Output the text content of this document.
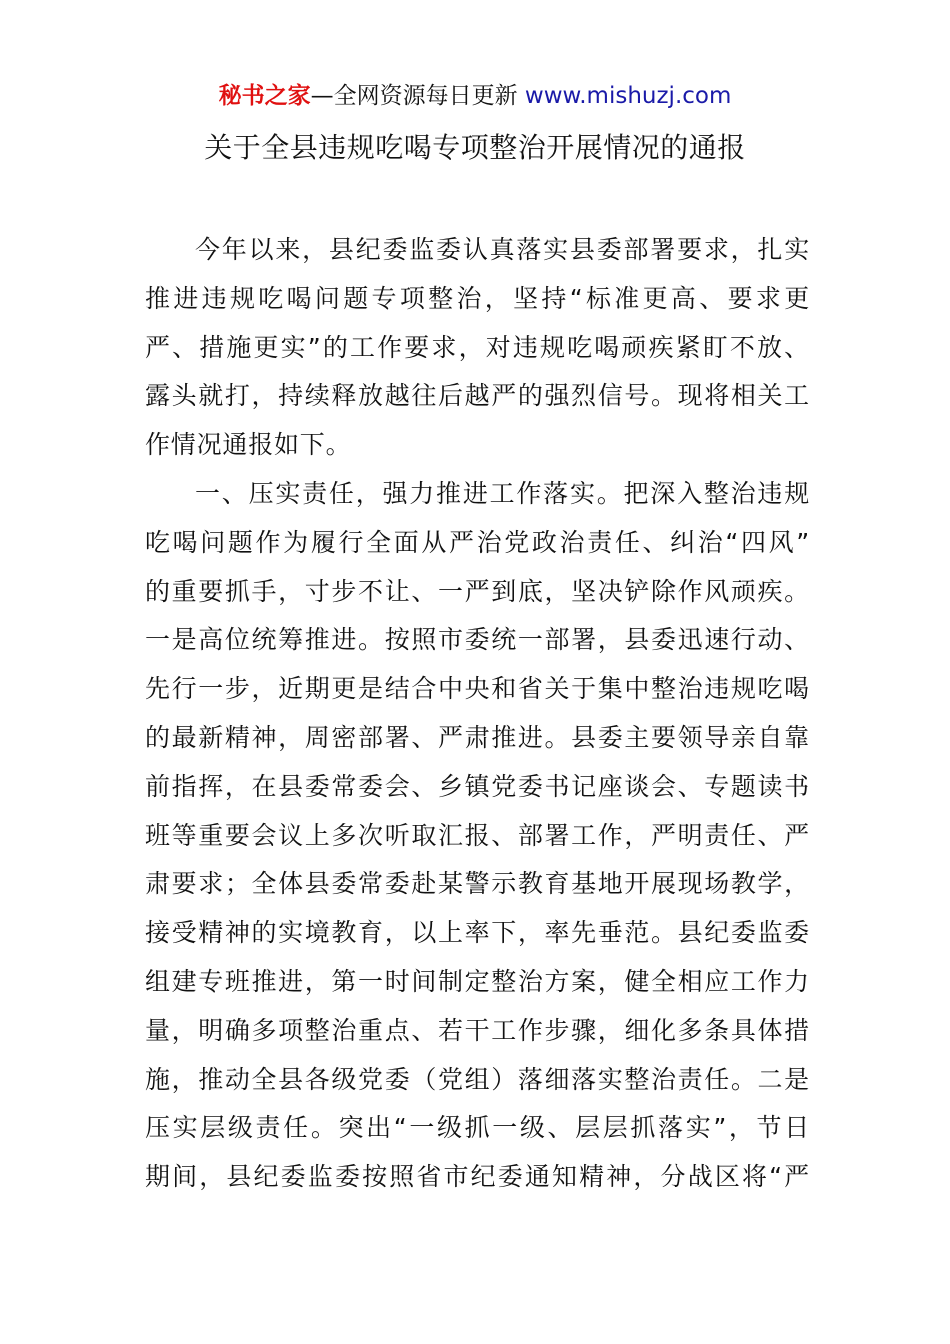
秘书之家—全网资源每日更新 www.mishuzj.com
关于全县违规吃喝专项整治开展情况的通报
今年以来，县纪委监委认真落实县委部署要求，扎实
推进违规吃喝问题专项整治，坚持“标准更高、要求更
严、措施更实”的工作要求，对违规吃喝顽疾紧盯不放、
露头就打，持续释放越往后越严的强烈信号。现将相关工
作情况通报如下。
一、压实责任，强力推进工作落实。把深入整治违规
吃喝问题作为履行全面从严治党政治责任、纠治“四风”
的重要抓手，寸步不让、一严到底，坚决铲除作风顽疾。
一是高位统筹推进。按照市委统一部署，县委迅速行动、
先行一步，近期更是结合中央和省关于集中整治违规吃喝
的最新精神，周密部署、严肃推进。县委主要领导亲自靠
前指挥，在县委常委会、乡镇党委书记座谈会、专题读书
班等重要会议上多次听取汇报、部署工作，严明责任、严
肃要求；全体县委常委赴某警示教育基地开展现场教学，
接受精神的实境教育，以上率下，率先垂范。县纪委监委
组建专班推进，第一时间制定整治方案，健全相应工作力
量，明确多项整治重点、若干工作步骤，细化多条具体措
施，推动全县各级党委（党组）落细落实整治责任。二是
压实层级责任。突出“一级抓一级、层层抓落实”，节日
期间，县纪委监委按照省市纪委通知精神，分战区将“严
